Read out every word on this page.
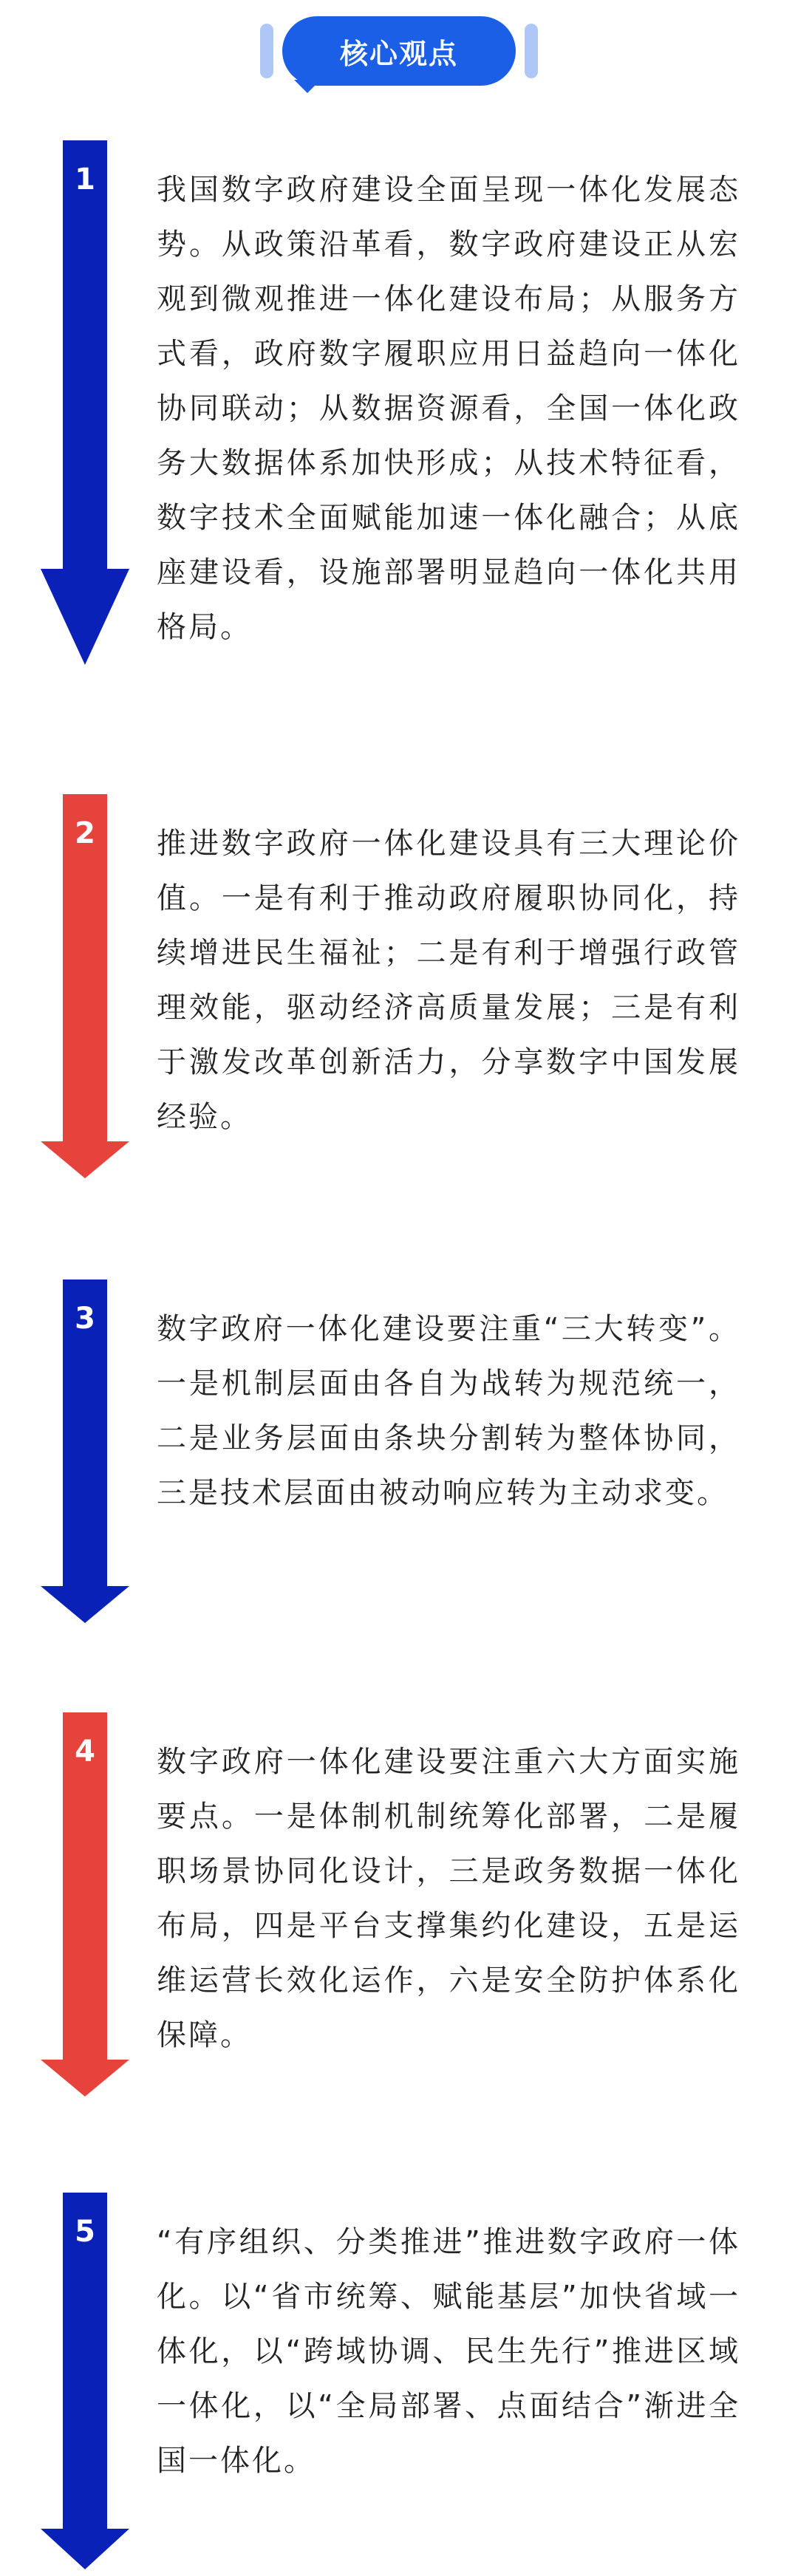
核心观点
1	我国数字政府建设全面呈现一体化发展态势。从政策沿革看，数字政府建设正从宏观到微观推进一体化建设布局；从服务方式看，政府数字履职应用日益趋向一体化协同联动；从数据资源看，全国一体化政务大数据体系加快形成；从技术特征看，数字技术全面赋能加速一体化融合；从底座建设看，设施部署明显趋向一体化共用格局。
2	推进数字政府一体化建设具有三大理论价值。一是有利于推动政府履职协同化，持续增进民生福祉；二是有利于增强行政管理效能，驱动经济高质量发展；三是有利于激发改革创新活力，分享数字中国发展经验。
3	数字政府一体化建设要注重“三大转变”。一是机制层面由各自为战转为规范统一，二是业务层面由条块分割转为整体协同，三是技术层面由被动响应转为主动求变。
4	数字政府一体化建设要注重六大方面实施要点。一是体制机制统筹化部署，二是履职场景协同化设计，三是政务数据一体化布局，四是平台支撑集约化建设，五是运维运营长效化运作，六是安全防护体系化保障。
5	“有序组织、分类推进”推进数字政府一体化。以“省市统筹、赋能基层”加快省域一体化，以“跨域协调、民生先行”推进区域一体化，以“全局部署、点面结合”渐进全国一体化。
